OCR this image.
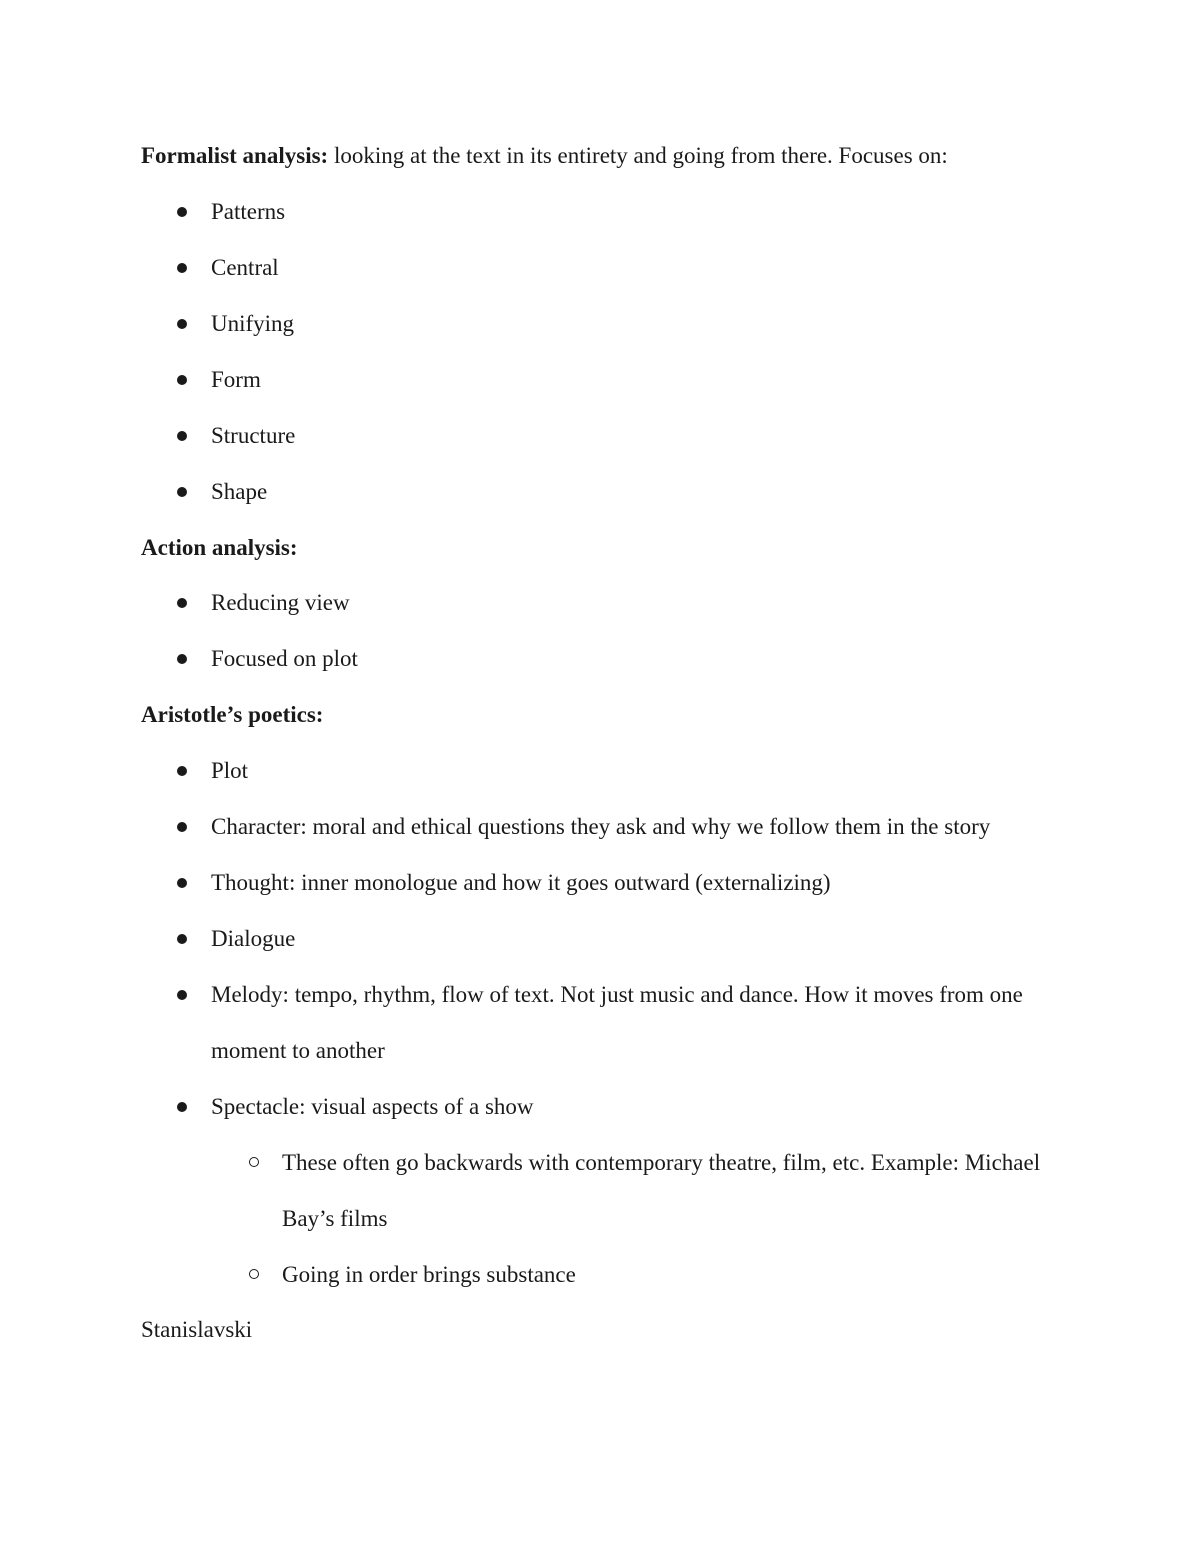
Formalist analysis: looking at the text in its entirety and going from there. Focuses on:

Patterns

Central

Unifying

Form

Structure

Shape

Action analysis:

Reducing view

Focused on plot

Aristotle’s poetics:

Plot

Character: moral and ethical questions they ask and why we follow them in the story

Thought: inner monologue and how it goes outward (externalizing)

Dialogue

Melody: tempo, rhythm, flow of text. Not just music and dance. How it moves from one moment to another

Spectacle: visual aspects of a show

These often go backwards with contemporary theatre, film, etc. Example: Michael Bay’s films

Going in order brings substance

Stanislavski
